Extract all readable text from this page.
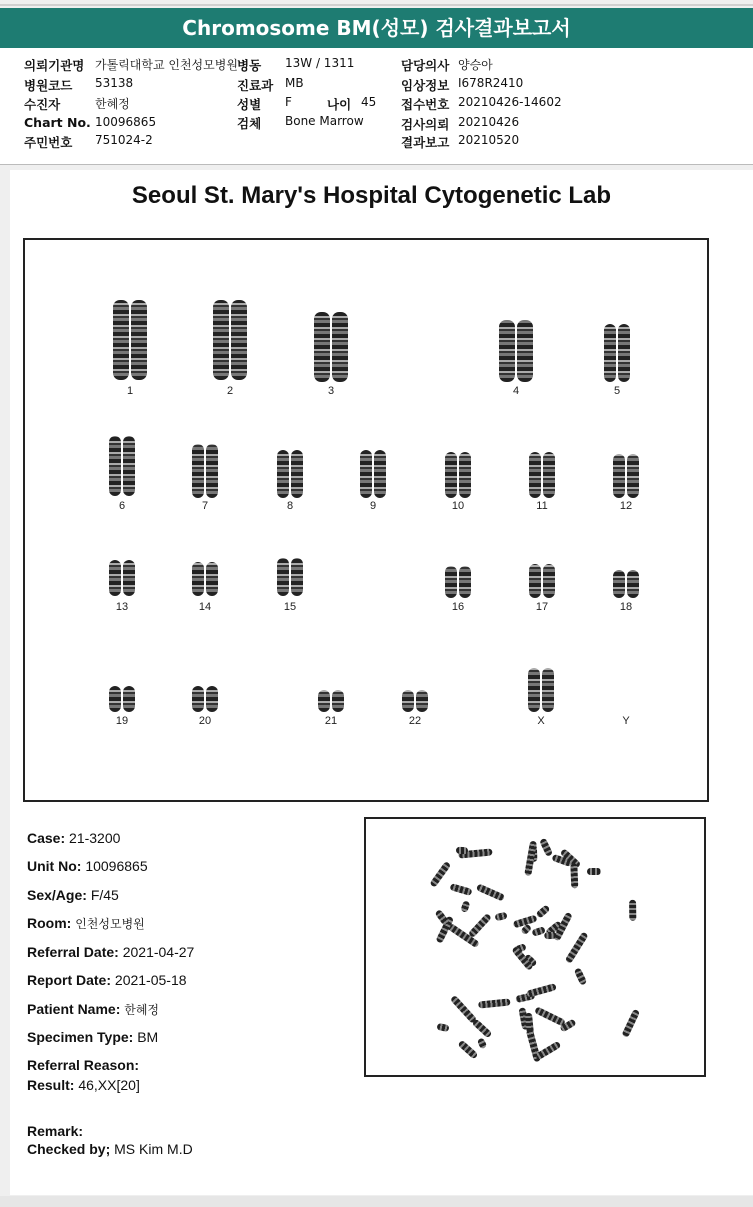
Chromosome BM(성모) 검사결과보고서
의뢰기관명 가톨릭대학교 인천성모병원
병원코드 53138
수진자	한혜정
Chart No. 10096865
주민번호 751024-2
병동 13W / 1311
진료과 MB
성별 F	나이 45
검체 Bone Marrow
담당의사 양승아
임상정보 I678R2410
접수번호 20210426-14602
검사의뢰 20210426
결과보고 20210520
Seoul St. Mary's Hospital Cytogenetic Lab
1	2	3	4	5
6	7	8	9	10	11	12
13	14	15	16	17	18
19	20	21	22	X	Y
Case: 21-3200
Unit No: 10096865
Sex/Age: F/45
Room: 인천성모병원
Referral Date: 2021-04-27
Report Date: 2021-05-18
Patient Name: 한혜정
Specimen Type: BM
Referral Reason:
Result: 46,XX[20]
Remark:
Checked by; MS Kim M.D
